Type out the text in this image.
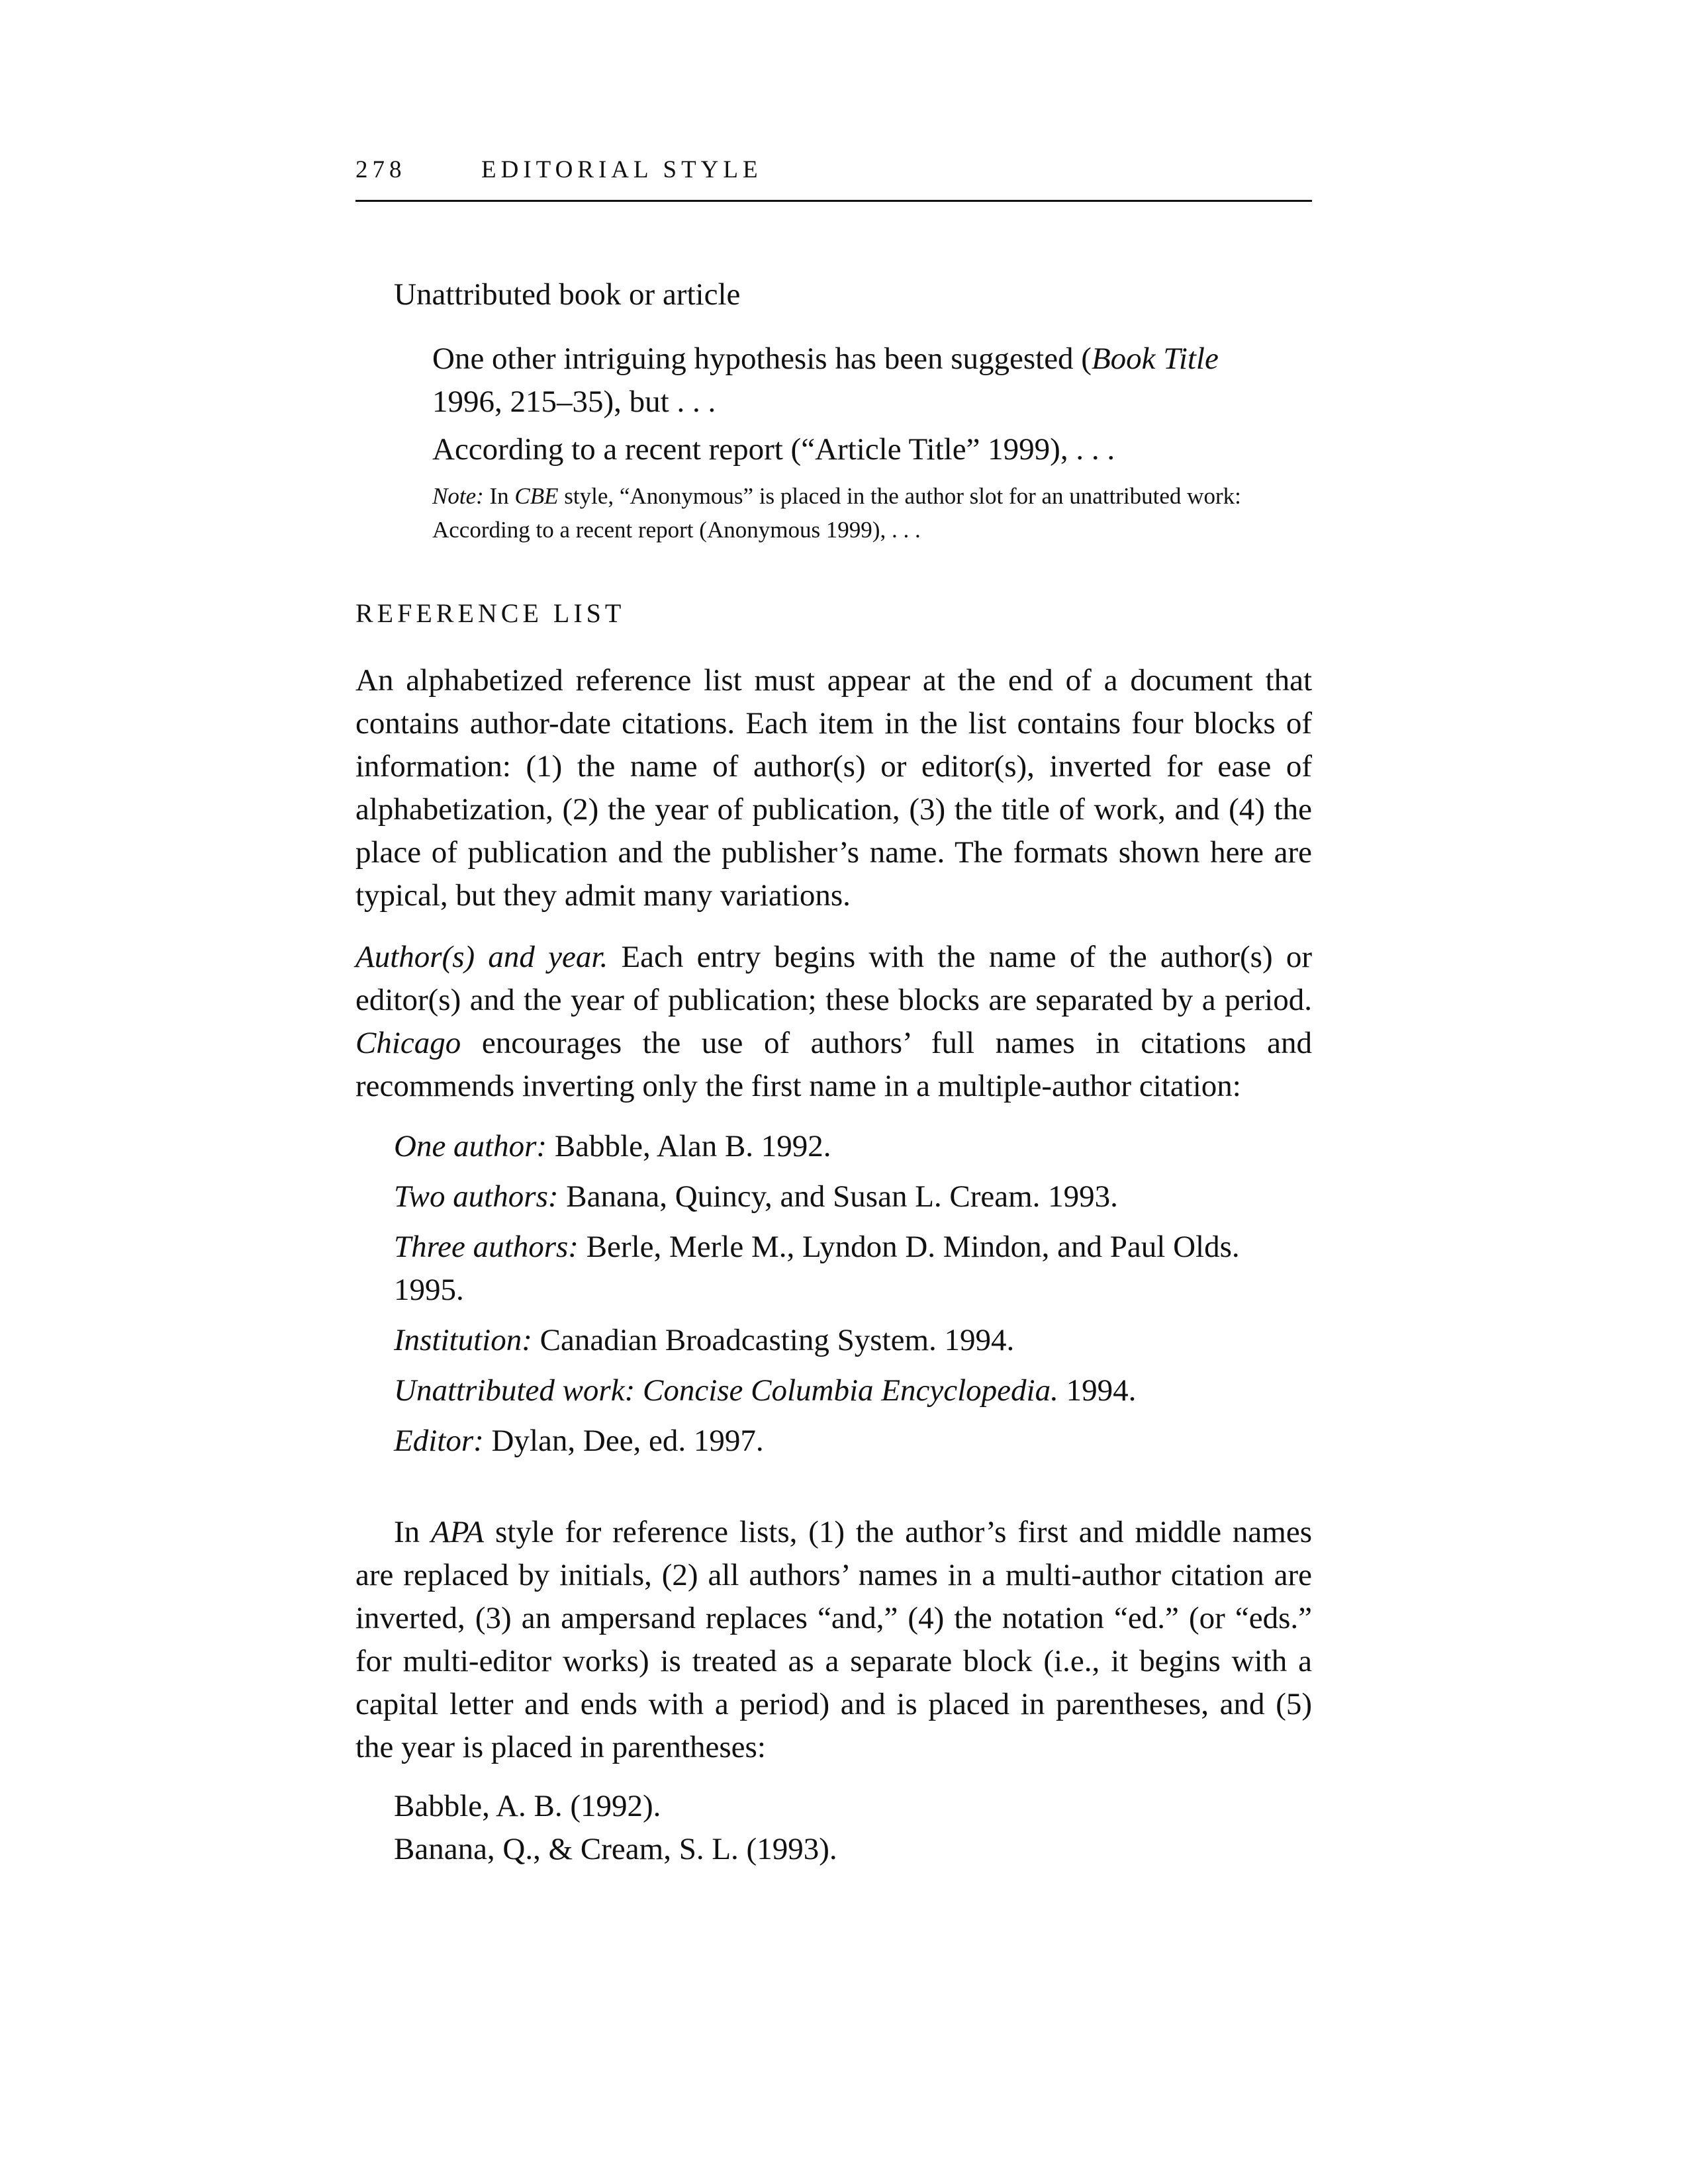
278	EDITORIAL STYLE
Unattributed book or article
One other intriguing hypothesis has been suggested (Book Title 1996, 215–35), but . . .
According to a recent report (“Article Title” 1999), . . .
Note: In CBE style, “Anonymous” is placed in the author slot for an unattributed work: According to a recent report (Anonymous 1999), . . .
REFERENCE LIST
An alphabetized reference list must appear at the end of a document that contains author-date citations. Each item in the list contains four blocks of information: (1) the name of author(s) or editor(s), inverted for ease of alphabetization, (2) the year of publication, (3) the title of work, and (4) the place of publication and the publisher’s name. The formats shown here are typical, but they admit many variations.
Author(s) and year. Each entry begins with the name of the author(s) or editor(s) and the year of publication; these blocks are separated by a period. Chicago encourages the use of authors’ full names in citations and recommends inverting only the first name in a multiple-author citation:
One author: Babble, Alan B. 1992.
Two authors: Banana, Quincy, and Susan L. Cream. 1993.
Three authors: Berle, Merle M., Lyndon D. Mindon, and Paul Olds. 1995.
Institution: Canadian Broadcasting System. 1994.
Unattributed work: Concise Columbia Encyclopedia. 1994.
Editor: Dylan, Dee, ed. 1997.
In APA style for reference lists, (1) the author’s first and middle names are replaced by initials, (2) all authors’ names in a multi-author citation are inverted, (3) an ampersand replaces “and,” (4) the notation “ed.” (or “eds.” for multi-editor works) is treated as a separate block (i.e., it begins with a capital letter and ends with a period) and is placed in parentheses, and (5) the year is placed in parentheses:
Babble, A. B. (1992).
Banana, Q., & Cream, S. L. (1993).
